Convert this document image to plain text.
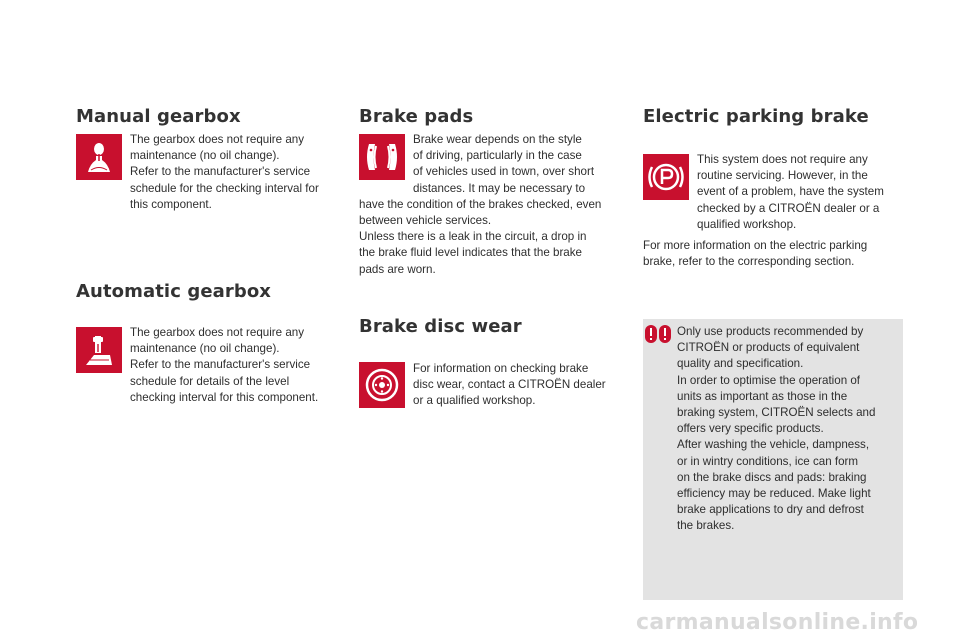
Manual gearbox

The gearbox does not require any
maintenance (no oil change).
Refer to the manufacturer's service
schedule for the checking interval for
this component.

Automatic gearbox

The gearbox does not require any
maintenance (no oil change).
Refer to the manufacturer's service
schedule for details of the level
checking interval for this component.

Brake pads

Brake wear depends on the style
of driving, particularly in the case
of vehicles used in town, over short
distances. It may be necessary to
have the condition of the brakes checked, even
between vehicle services.
Unless there is a leak in the circuit, a drop in
the brake fluid level indicates that the brake
pads are worn.

Brake disc wear

For information on checking brake
disc wear, contact a CITROËN dealer
or a qualified workshop.

Electric parking brake

This system does not require any
routine servicing. However, in the
event of a problem, have the system
checked by a CITROËN dealer or a
qualified workshop.

For more information on the electric parking
brake, refer to the corresponding section.

Only use products recommended by
CITROËN or products of equivalent
quality and specification.
In order to optimise the operation of
units as important as those in the
braking system, CITROËN selects and
offers very specific products.
After washing the vehicle, dampness,
or in wintry conditions, ice can form
on the brake discs and pads: braking
efficiency may be reduced. Make light
brake applications to dry and defrost
the brakes.

carmanualsonline.info
